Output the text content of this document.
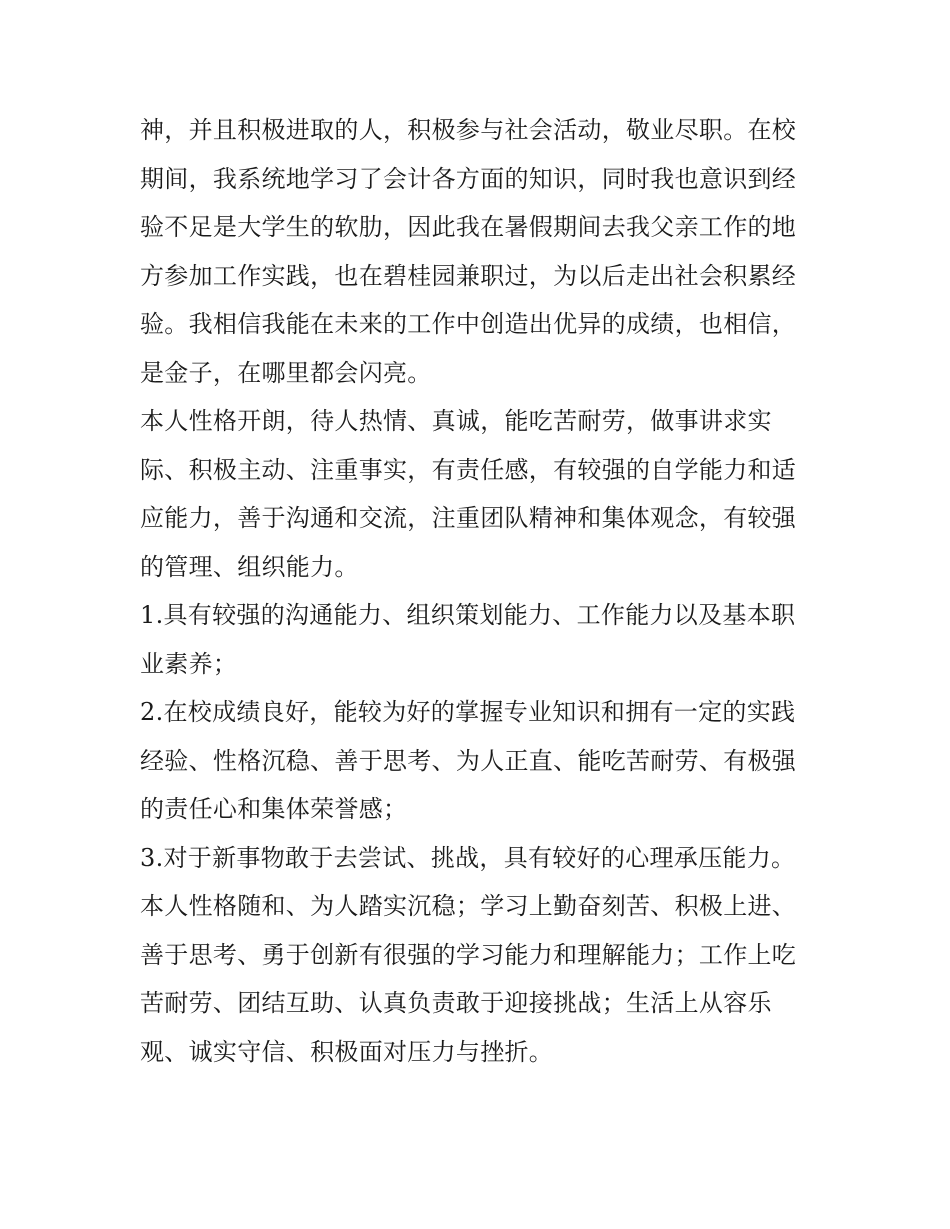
神，并且积极进取的人，积极参与社会活动，敬业尽职。在校
期间，我系统地学习了会计各方面的知识，同时我也意识到经
验不足是大学生的软肋，因此我在暑假期间去我父亲工作的地
方参加工作实践，也在碧桂园兼职过，为以后走出社会积累经
验。我相信我能在未来的工作中创造出优异的成绩，也相信，
是金子，在哪里都会闪亮。
本人性格开朗，待人热情、真诚，能吃苦耐劳，做事讲求实
际、积极主动、注重事实，有责任感，有较强的自学能力和适
应能力，善于沟通和交流，注重团队精神和集体观念，有较强
的管理、组织能力。
1.具有较强的沟通能力、组织策划能力、工作能力以及基本职
业素养；
2.在校成绩良好，能较为好的掌握专业知识和拥有一定的实践
经验、性格沉稳、善于思考、为人正直、能吃苦耐劳、有极强
的责任心和集体荣誉感；
3.对于新事物敢于去尝试、挑战，具有较好的心理承压能力。
本人性格随和、为人踏实沉稳；学习上勤奋刻苦、积极上进、
善于思考、勇于创新有很强的学习能力和理解能力；工作上吃
苦耐劳、团结互助、认真负责敢于迎接挑战；生活上从容乐
观、诚实守信、积极面对压力与挫折。
